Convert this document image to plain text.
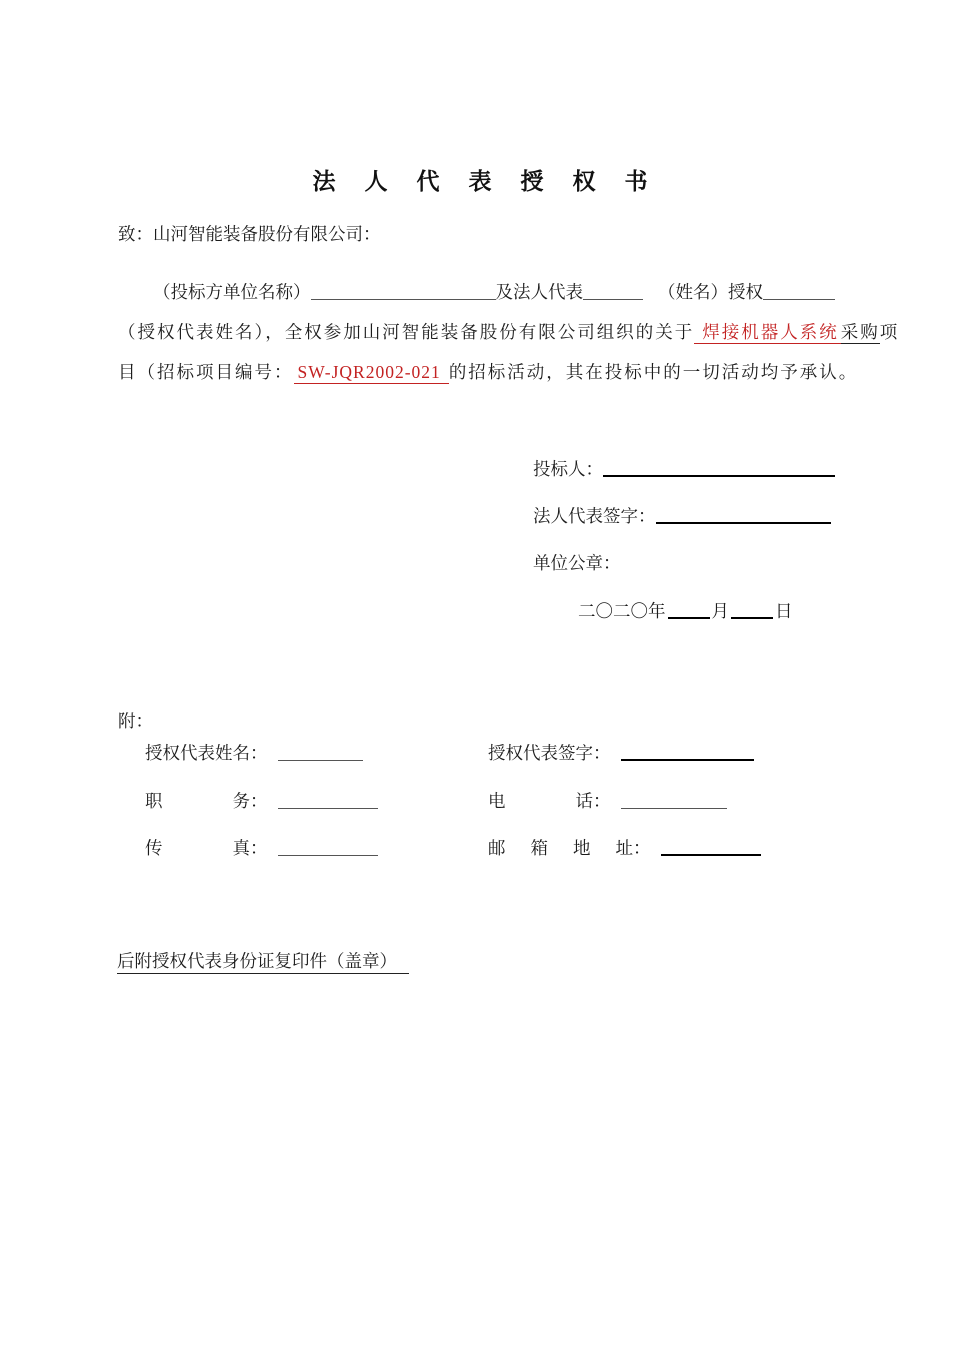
法人代表授权书
致：山河智能装备股份有限公司：
（投标方单位名称）	及法人代表	（姓名）授权
（授权代表姓名），全权参加山河智能装备股份有限公司组织的关于 焊接机器人系统 采购项
目（招标项目编号： SW-JQR2002-021 的招标活动，其在投标中的一切活动均予承认。
投标人：
法人代表签字：
单位公章：
二〇二〇年	月	日
附：
授权代表姓名：	授权代表签字：
职务：	电话：
传真：	邮箱地址：
后附授权代表身份证复印件（盖章）
